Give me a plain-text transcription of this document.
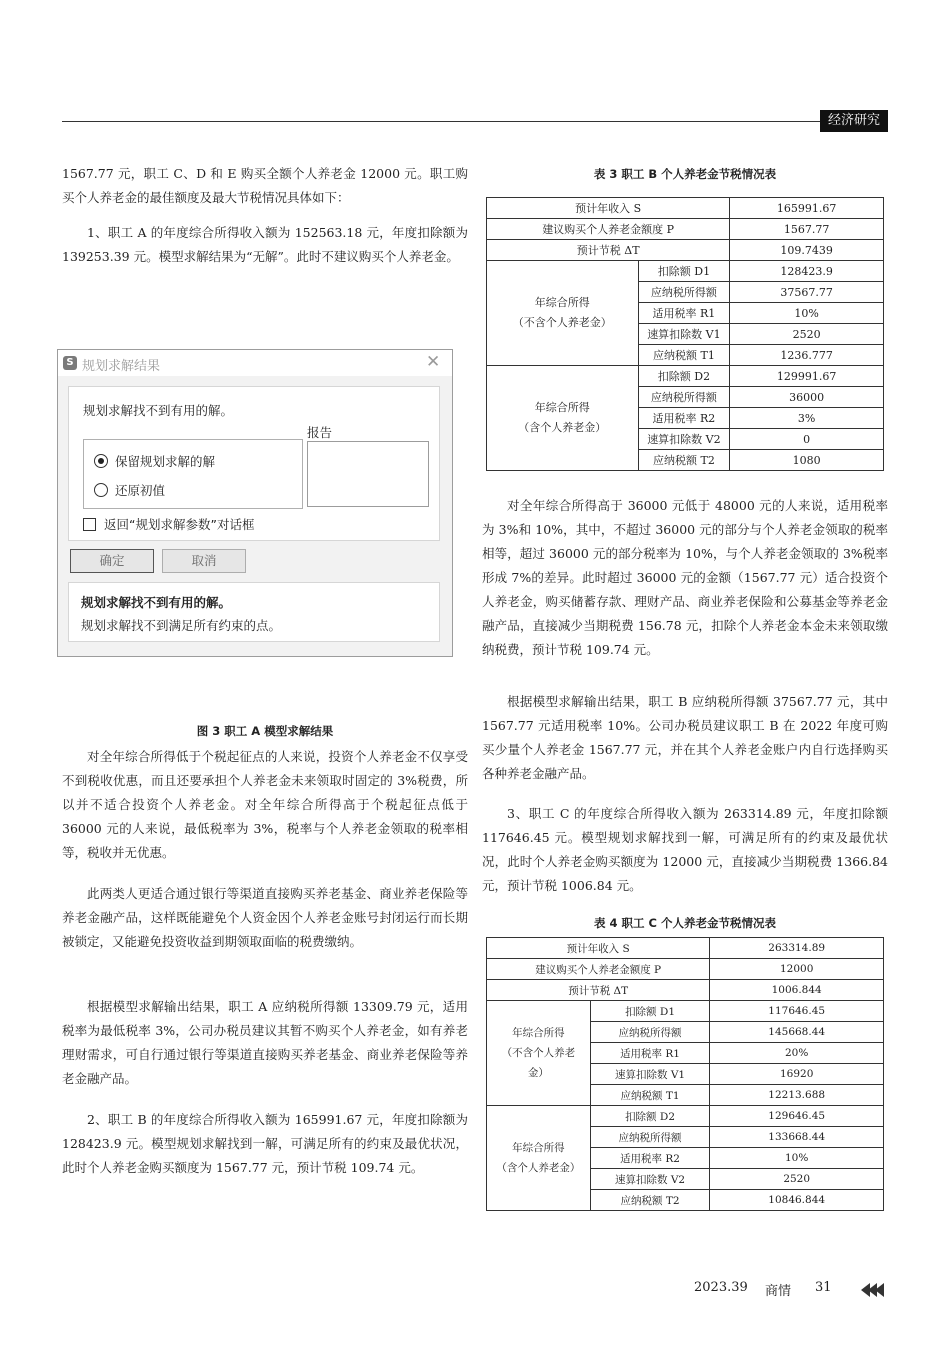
经济研究

1567.77 元，职工 C、D 和 E 购买全额个人养老金 12000 元。职工购买个人养老金的最佳额度及最大节税情况具体如下：

1、职工 A 的年度综合所得收入额为 152563.18 元，年度扣除额为 139253.39 元。模型求解结果为“无解”。此时不建议购买个人养老金。

S 规划求解结果	✕
规划求解找不到有用的解。
报告
保留规划求解的解
还原初值
返回“规划求解参数”对话框
确定	取消
规划求解找不到有用的解。
规划求解找不到满足所有约束的点。
图 3 职工 A 模型求解结果

对全年综合所得低于个税起征点的人来说，投资个人养老金不仅享受不到税收优惠，而且还要承担个人养老金未来领取时固定的 3%税费，所以并不适合投资个人养老金。对全年综合所得高于个税起征点低于 36000 元的人来说，最低税率为 3%，税率与个人养老金领取的税率相等，税收并无优惠。

此两类人更适合通过银行等渠道直接购买养老基金、商业养老保险等养老金融产品，这样既能避免个人资金因个人养老金账号封闭运行而长期被锁定，又能避免投资收益到期领取面临的税费缴纳。

根据模型求解输出结果，职工 A 应纳税所得额 13309.79 元，适用税率为最低税率 3%，公司办税员建议其暂不购买个人养老金，如有养老理财需求，可自行通过银行等渠道直接购买养老基金、商业养老保险等养老金融产品。

2、职工 B 的年度综合所得收入额为 165991.67 元，年度扣除额为 128423.9 元。模型规划求解找到一解，可满足所有的约束及最优状况，此时个人养老金购买额度为 1567.77 元，预计节税 109.74 元。

表 3 职工 B 个人养老金节税情况表
预计年收入 S		165991.67
建议购买个人养老金额度 P		1567.77
预计节税 ΔT		109.7439
年综合所得
（不含个人养老金）	扣除额 D1	128423.9
	应纳税所得额	37567.77
	适用税率 R1	10%
	速算扣除数 V1	2520
	应纳税额 T1	1236.777
年综合所得
（含个人养老金）	扣除额 D2	129991.67
	应纳税所得额	36000
	适用税率 R2	3%
	速算扣除数 V2	0
	应纳税额 T2	1080

对全年综合所得高于 36000 元低于 48000 元的人来说，适用税率为 3%和 10%，其中，不超过 36000 元的部分与个人养老金领取的税率相等，超过 36000 元的部分税率为 10%，与个人养老金领取的 3%税率形成 7%的差异。此时超过 36000 元的金额（1567.77 元）适合投资个人养老金，购买储蓄存款、理财产品、商业养老保险和公募基金等养老金融产品，直接减少当期税费 156.78 元，扣除个人养老金本金未来领取缴纳税费，预计节税 109.74 元。

根据模型求解输出结果，职工 B 应纳税所得额 37567.77 元，其中 1567.77 元适用税率 10%。公司办税员建议职工 B 在 2022 年度可购买少量个人养老金 1567.77 元，并在其个人养老金账户内自行选择购买各种养老金融产品。

3、职工 C 的年度综合所得收入额为 263314.89 元，年度扣除额 117646.45 元。模型规划求解找到一解，可满足所有的约束及最优状况，此时个人养老金购买额度为 12000 元，直接减少当期税费 1366.84 元，预计节税 1006.84 元。

表 4 职工 C 个人养老金节税情况表
预计年收入 S		263314.89
建议购买个人养老金额度 P		12000
预计节税 ΔT		1006.844
年综合所得
（不含个人养老
金）	扣除额 D1	117646.45
	应纳税所得额	145668.44
	适用税率 R1	20%
	速算扣除数 V1	16920
	应纳税额 T1	12213.688
年综合所得
（含个人养老金）	扣除额 D2	129646.45
	应纳税所得额	133668.44
	适用税率 R2	10%
	速算扣除数 V2	2520
	应纳税额 T2	10846.844
2023.39 商情 31
